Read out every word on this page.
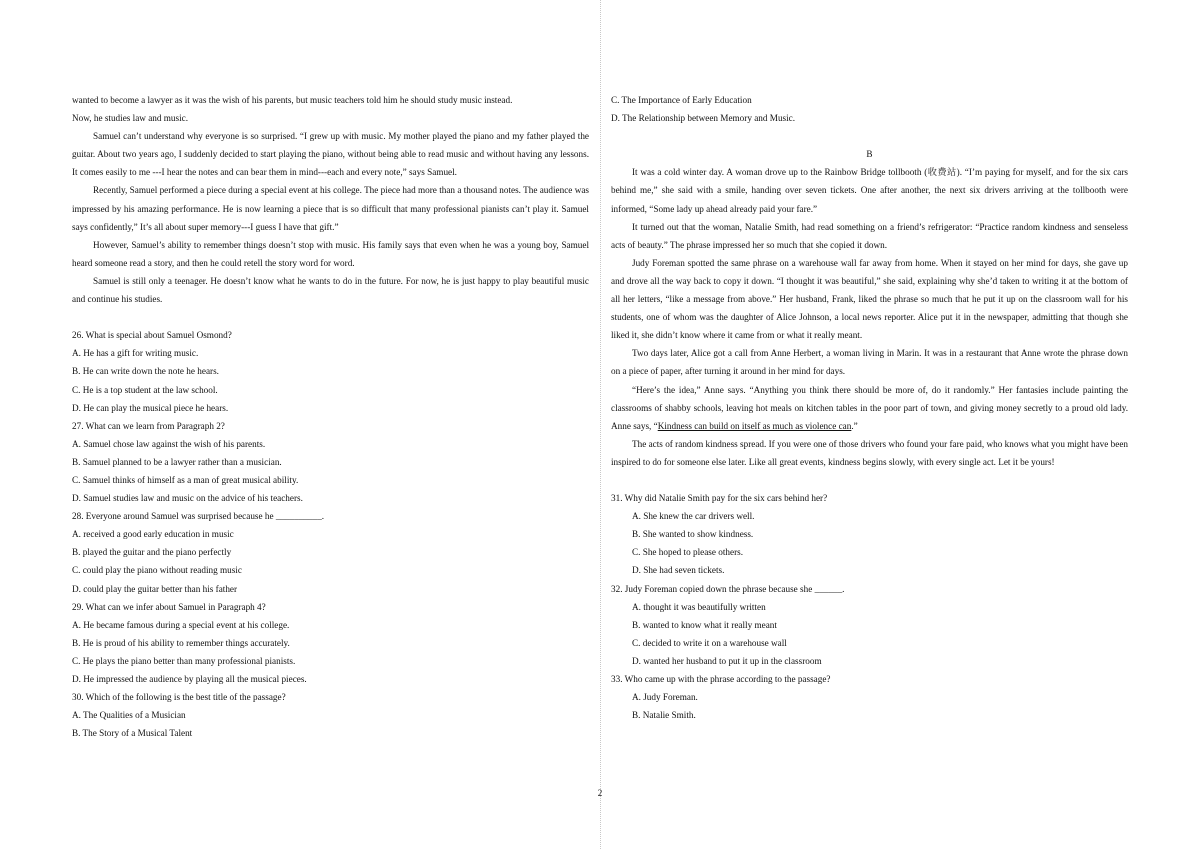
wanted to become a lawyer as it was the wish of his parents, but music teachers told him he should study music instead.

Now, he studies law and music.

Samuel can’t understand why everyone is so surprised. “I grew up with music. My mother played the piano and my father played the guitar. About two years ago, I suddenly decided to start playing the piano, without being able to read music and without having any lessons. It comes easily to me ---I hear the notes and can bear them in mind---each and every note,” says Samuel.

Recently, Samuel performed a piece during a special event at his college. The piece had more than a thousand notes. The audience was impressed by his amazing performance. He is now learning a piece that is so difficult that many professional pianists can’t play it. Samuel says confidently,” It’s all about super memory---I guess I have that gift.”

However, Samuel’s ability to remember things doesn’t stop with music. His family says that even when he was a young boy, Samuel heard someone read a story, and then he could retell the story word for word.

Samuel is still only a teenager. He doesn’t know what he wants to do in the future. For now, he is just happy to play beautiful music and continue his studies.

26. What is special about Samuel Osmond?
A. He has a gift for writing music.
B. He can write down the note he hears.
C. He is a top student at the law school.
D. He can play the musical piece he hears.
27. What can we learn from Paragraph 2?
A. Samuel chose law against the wish of his parents.
B. Samuel planned to be a lawyer rather than a musician.
C. Samuel thinks of himself as a man of great musical ability.
D. Samuel studies law and music on the advice of his teachers.
28. Everyone around Samuel was surprised because he __________.
A. received a good early education in music
B. played the guitar and the piano perfectly
C. could play the piano without reading music
D. could play the guitar better than his father
29. What can we infer about Samuel in Paragraph 4?
A. He became famous during a special event at his college.
B. He is proud of his ability to remember things accurately.
C. He plays the piano better than many professional pianists.
D. He impressed the audience by playing all the musical pieces.
30. Which of the following is the best title of the passage?
A. The Qualities of a Musician
B. The Story of a Musical Talent
C. The Importance of Early Education
D. The Relationship between Memory and Music.
B

It was a cold winter day. A woman drove up to the Rainbow Bridge tollbooth (收费站). “I’m paying for myself, and for the six cars behind me,” she said with a smile, handing over seven tickets. One after another, the next six drivers arriving at the tollbooth were informed, “Some lady up ahead already paid your fare.”

It turned out that the woman, Natalie Smith, had read something on a friend’s refrigerator: “Practice random kindness and senseless acts of beauty.” The phrase impressed her so much that she copied it down.

Judy Foreman spotted the same phrase on a warehouse wall far away from home. When it stayed on her mind for days, she gave up and drove all the way back to copy it down. “I thought it was beautiful,” she said, explaining why she’d taken to writing it at the bottom of all her letters, “like a message from above.” Her husband, Frank, liked the phrase so much that he put it up on the classroom wall for his students, one of whom was the daughter of Alice Johnson, a local news reporter. Alice put it in the newspaper, admitting that though she liked it, she didn’t know where it came from or what it really meant.

Two days later, Alice got a call from Anne Herbert, a woman living in Marin. It was in a restaurant that Anne wrote the phrase down on a piece of paper, after turning it around in her mind for days.

“Here’s the idea,” Anne says. “Anything you think there should be more of, do it randomly.” Her fantasies include painting the classrooms of shabby schools, leaving hot meals on kitchen tables in the poor part of town, and giving money secretly to a proud old lady. Anne says, “Kindness can build on itself as much as violence can.”

The acts of random kindness spread. If you were one of those drivers who found your fare paid, who knows what you might have been inspired to do for someone else later. Like all great events, kindness begins slowly, with every single act. Let it be yours!

31. Why did Natalie Smith pay for the six cars behind her?
A. She knew the car drivers well.
B. She wanted to show kindness.
C. She hoped to please others.
D. She had seven tickets.
32. Judy Foreman copied down the phrase because she ______.
A. thought it was beautifully written
B. wanted to know what it really meant
C. decided to write it on a warehouse wall
D. wanted her husband to put it up in the classroom
33. Who came up with the phrase according to the passage?
A. Judy Foreman.
B. Natalie Smith.
2
